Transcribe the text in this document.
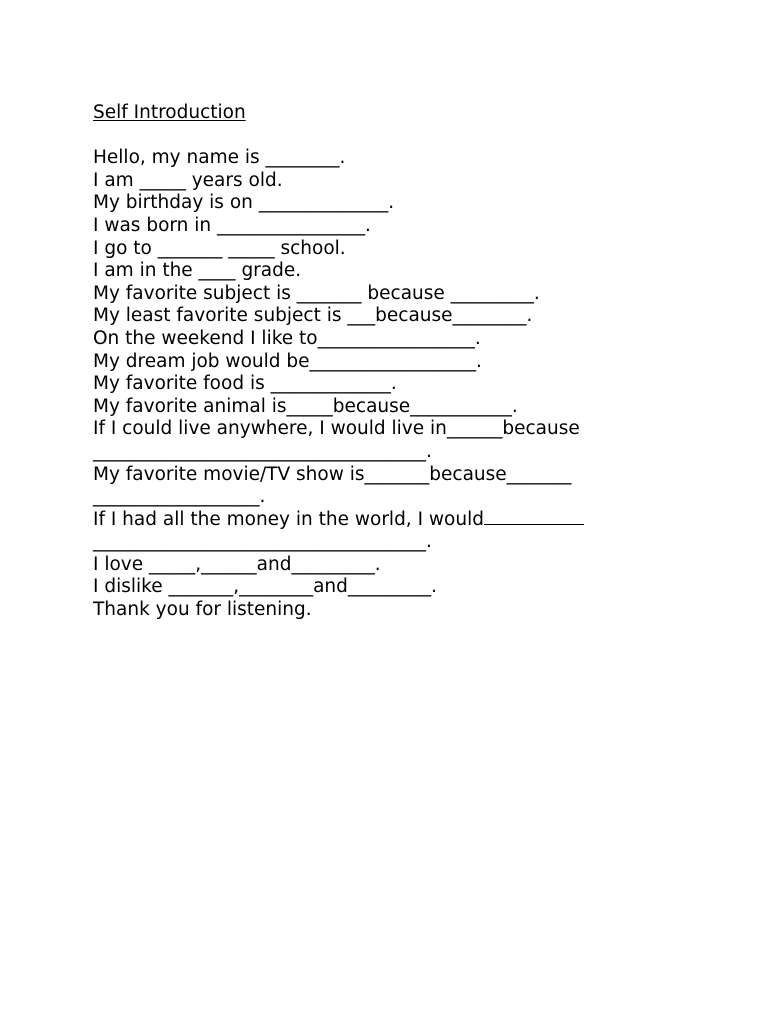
Self Introduction

Hello, my name is ________.

I am _____ years old.

My birthday is on ______________.

I was born in ________________.

I go to _______ _____ school.

I am in the ____ grade.

My favorite subject is _______ because _________.

My least favorite subject is ___because________.

On the weekend I like to_________________.

My dream job would be__________________.

My favorite food is _____________.

My favorite animal is_____because___________.

If I could live anywhere, I would live in______because

____________________________________.

My favorite movie/TV show is_______because_______

__________________.

If I had all the money in the world, I would

____________________________________.

I love _____,______and_________.

I dislike _______,________and_________.

Thank you for listening.
